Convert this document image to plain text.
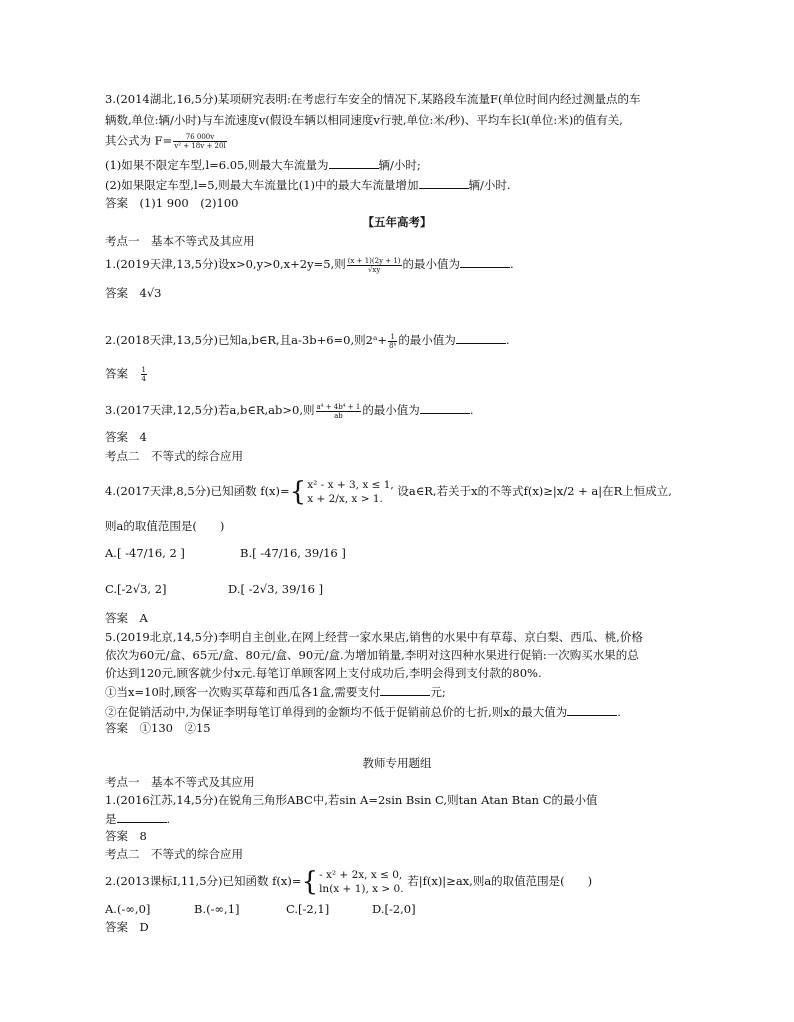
3.(2014湖北,16,5分)某项研究表明:在考虑行车安全的情况下,某路段车流量F(单位时间内经过测量点的车
辆数,单位:辆/小时)与车流速度v(假设车辆以相同速度v行驶,单位:米/秒)、平均车长l(单位:米)的值有关,
其公式为 $F= \frac{76 000v}{\text{v² + 18v + 20l}}$
(1)如果不限定车型,l=6.05,则最大车流量为	辆/小时;
(2)如果限定车型,l=5,则最大车流量比(1)中的最大车流量增加	辆/小时.
答案　(1)1 900　(2)100
【五年高考】
考点一　基本不等式及其应用
1.(2019天津,13,5分)设x>0,y>0,x+2y=5,则 $\frac{(x + 1)(2y + 1)}{√xy}$ 的最小值为	.
答案　4√3
2.(2018天津,13,5分)已知a,b∈R,且a-3b+6=0,则2ᵃ+ $\frac{1}{\text{8ᵇ}}$ 的最小值为	.
答案　 $\frac{1}{4}$
3.(2017天津,12,5分)若a,b∈R,ab>0,则 $\frac{\text{a⁴ + 4b⁴ + 1}}{ab}$ 的最小值为	.
答案　4
考点二　不等式的综合应用
4.(2017天津,8,5分)已知函数 f(x)={ x² - x + 3, x ≤ 1,
x + 2/x, x > 1.
设a∈R,若关于x的不等式f(x)≥|x/2 + a|在R上恒成立,
则a的取值范围是(　　)
A.[ -47/16, 2 ]	B.[ -47/16, 39/16 ]
C.[-2√3, 2]	D.[ -2√3, 39/16 ]
答案　A
5.(2019北京,14,5分)李明自主创业,在网上经营一家水果店,销售的水果中有草莓、京白梨、西瓜、桃,价格
依次为60元/盒、65元/盒、80元/盒、90元/盒.为增加销量,李明对这四种水果进行促销:一次购买水果的总
价达到120元,顾客就少付x元.每笔订单顾客网上支付成功后,李明会得到支付款的80%.
①当x=10时,顾客一次购买草莓和西瓜各1盒,需要支付	元;
②在促销活动中,为保证李明每笔订单得到的金额均不低于促销前总价的七折,则x的最大值为	.
答案　①130　②15
教师专用题组
考点一　基本不等式及其应用
1.(2016江苏,14,5分)在锐角三角形ABC中,若sin A=2sin Bsin C,则tan Atan Btan C的最小值
是	.
答案　8
考点二　不等式的综合应用
2.(2013课标Ⅰ,11,5分)已知函数 f(x)={ - x² + 2x, x ≤ 0,
ln(x + 1), x > 0.
若|f(x)|≥ax,则a的取值范围是(　　)
A.(-∞,0]	B.(-∞,1]	C.[-2,1]	D.[-2,0]
答案　D
